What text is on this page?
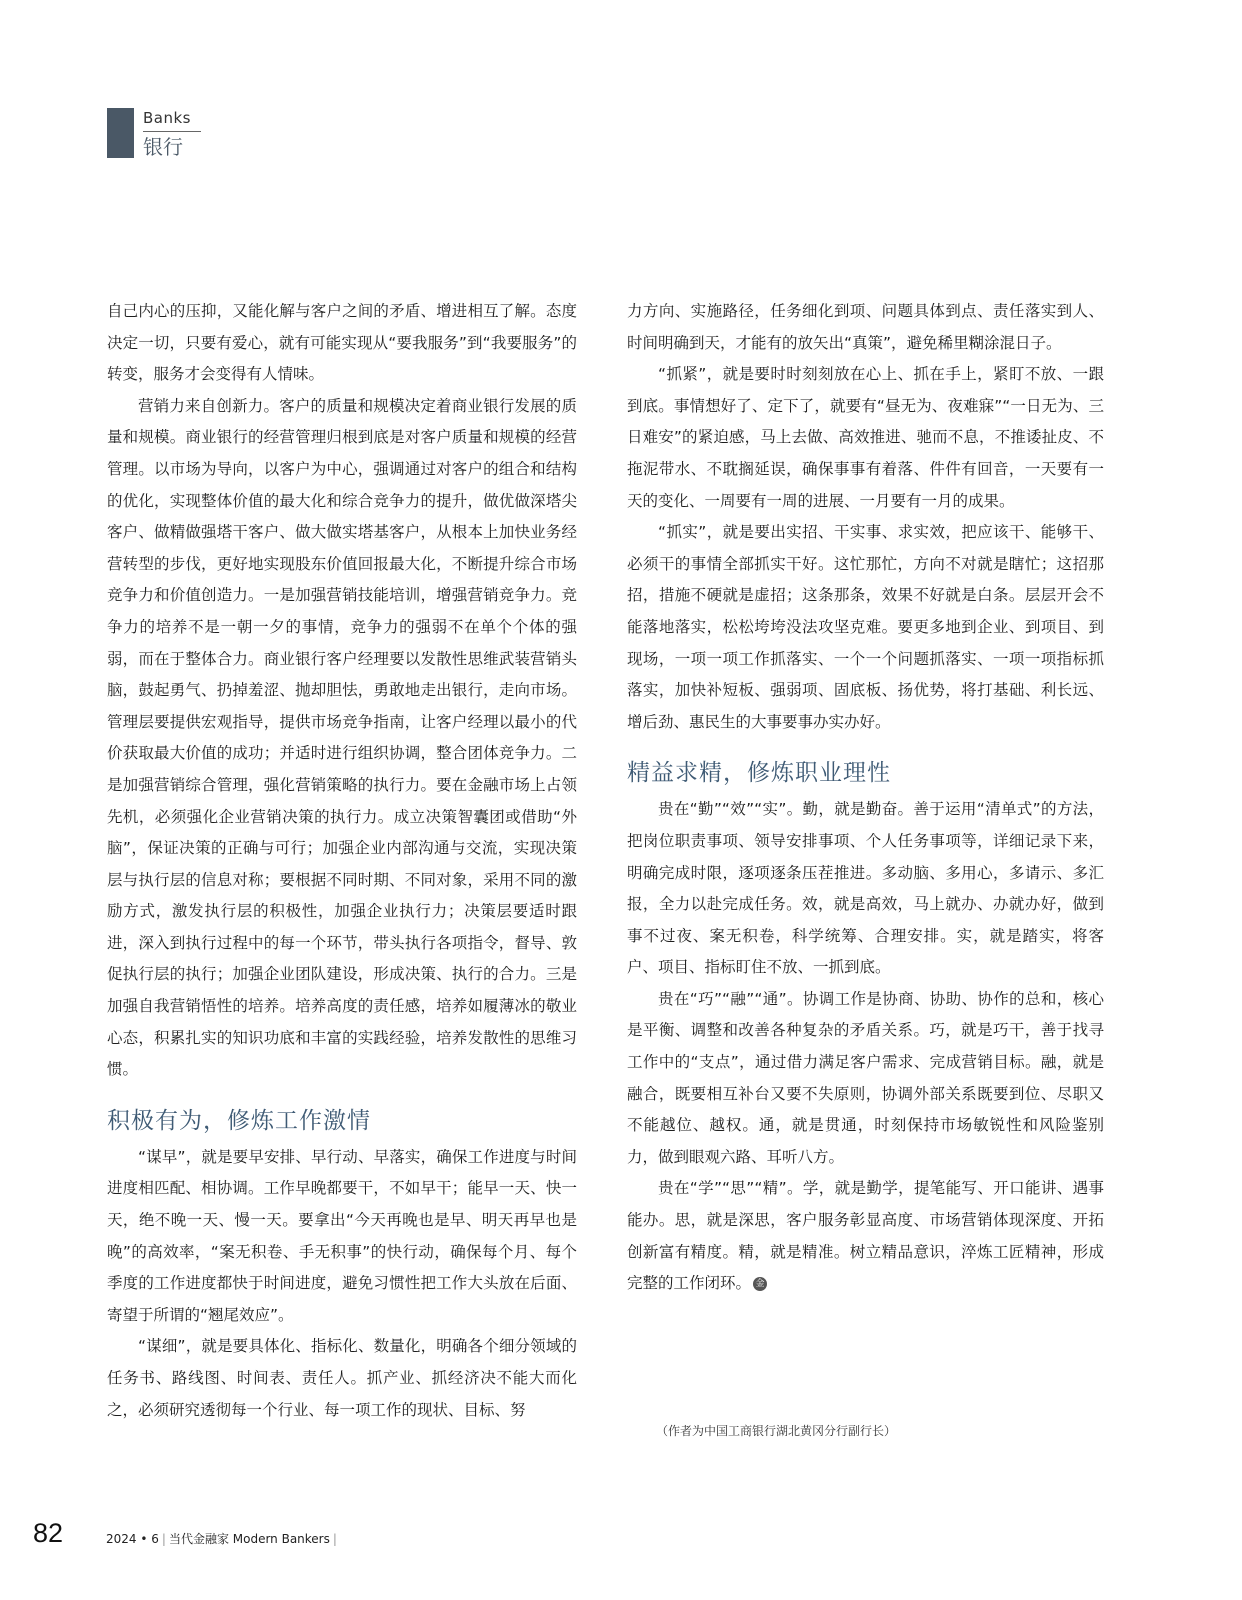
Banks
银行

自己内心的压抑，又能化解与客户之间的矛盾、增进相互了解。态度决定一切，只要有爱心，就有可能实现从“要我服务”到“我要服务”的转变，服务才会变得有人情味。

营销力来自创新力。客户的质量和规模决定着商业银行发展的质量和规模。商业银行的经营管理归根到底是对客户质量和规模的经营管理。以市场为导向，以客户为中心，强调通过对客户的组合和结构的优化，实现整体价值的最大化和综合竞争力的提升，做优做深塔尖客户、做精做强塔干客户、做大做实塔基客户，从根本上加快业务经营转型的步伐，更好地实现股东价值回报最大化，不断提升综合市场竞争力和价值创造力。一是加强营销技能培训，增强营销竞争力。竞争力的培养不是一朝一夕的事情，竞争力的强弱不在单个个体的强弱，而在于整体合力。商业银行客户经理要以发散性思维武装营销头脑，鼓起勇气、扔掉羞涩、抛却胆怯，勇敢地走出银行，走向市场。管理层要提供宏观指导，提供市场竞争指南，让客户经理以最小的代价获取最大价值的成功；并适时进行组织协调，整合团体竞争力。二是加强营销综合管理，强化营销策略的执行力。要在金融市场上占领先机，必须强化企业营销决策的执行力。成立决策智囊团或借助“外脑”，保证决策的正确与可行；加强企业内部沟通与交流，实现决策层与执行层的信息对称；要根据不同时期、不同对象，采用不同的激励方式，激发执行层的积极性，加强企业执行力；决策层要适时跟进，深入到执行过程中的每一个环节，带头执行各项指令，督导、敦促执行层的执行；加强企业团队建设，形成决策、执行的合力。三是加强自我营销悟性的培养。培养高度的责任感，培养如履薄冰的敬业心态，积累扎实的知识功底和丰富的实践经验，培养发散性的思维习惯。

积极有为，修炼工作激情

“谋早”，就是要早安排、早行动、早落实，确保工作进度与时间进度相匹配、相协调。工作早晚都要干，不如早干；能早一天、快一天，绝不晚一天、慢一天。要拿出“今天再晚也是早、明天再早也是晚”的高效率，“案无积卷、手无积事”的快行动，确保每个月、每个季度的工作进度都快于时间进度，避免习惯性把工作大头放在后面、寄望于所谓的“翘尾效应”。

“谋细”，就是要具体化、指标化、数量化，明确各个细分领域的任务书、路线图、时间表、责任人。抓产业、抓经济决不能大而化之，必须研究透彻每一个行业、每一项工作的现状、目标、努

力方向、实施路径，任务细化到项、问题具体到点、责任落实到人、时间明确到天，才能有的放矢出“真策”，避免稀里糊涂混日子。

“抓紧”，就是要时时刻刻放在心上、抓在手上，紧盯不放、一跟到底。事情想好了、定下了，就要有“昼无为、夜难寐”“一日无为、三日难安”的紧迫感，马上去做、高效推进、驰而不息，不推诿扯皮、不拖泥带水、不耽搁延误，确保事事有着落、件件有回音，一天要有一天的变化、一周要有一周的进展、一月要有一月的成果。

“抓实”，就是要出实招、干实事、求实效，把应该干、能够干、必须干的事情全部抓实干好。这忙那忙，方向不对就是瞎忙；这招那招，措施不硬就是虚招；这条那条，效果不好就是白条。层层开会不能落地落实，松松垮垮没法攻坚克难。要更多地到企业、到项目、到现场，一项一项工作抓落实、一个一个问题抓落实、一项一项指标抓落实，加快补短板、强弱项、固底板、扬优势，将打基础、利长远、增后劲、惠民生的大事要事办实办好。

精益求精，修炼职业理性

贵在“勤”“效”“实”。勤，就是勤奋。善于运用“清单式”的方法，把岗位职责事项、领导安排事项、个人任务事项等，详细记录下来，明确完成时限，逐项逐条压茬推进。多动脑、多用心，多请示、多汇报，全力以赴完成任务。效，就是高效，马上就办、办就办好，做到事不过夜、案无积卷，科学统筹、合理安排。实，就是踏实，将客户、项目、指标盯住不放、一抓到底。

贵在“巧”“融”“通”。协调工作是协商、协助、协作的总和，核心是平衡、调整和改善各种复杂的矛盾关系。巧，就是巧干，善于找寻工作中的“支点”，通过借力满足客户需求、完成营销目标。融，就是融合，既要相互补台又要不失原则，协调外部关系既要到位、尽职又不能越位、越权。通，就是贯通，时刻保持市场敏锐性和风险鉴别力，做到眼观六路、耳听八方。

贵在“学”“思”“精”。学，就是勤学，提笔能写、开口能讲、遇事能办。思，就是深思，客户服务彰显高度、市场营销体现深度、开拓创新富有精度。精，就是精准。树立精品意识，淬炼工匠精神，形成完整的工作闭环。 金

（作者为中国工商银行湖北黄冈分行副行长）
82	2024 • 6 | 当代金融家 Modern Bankers |
